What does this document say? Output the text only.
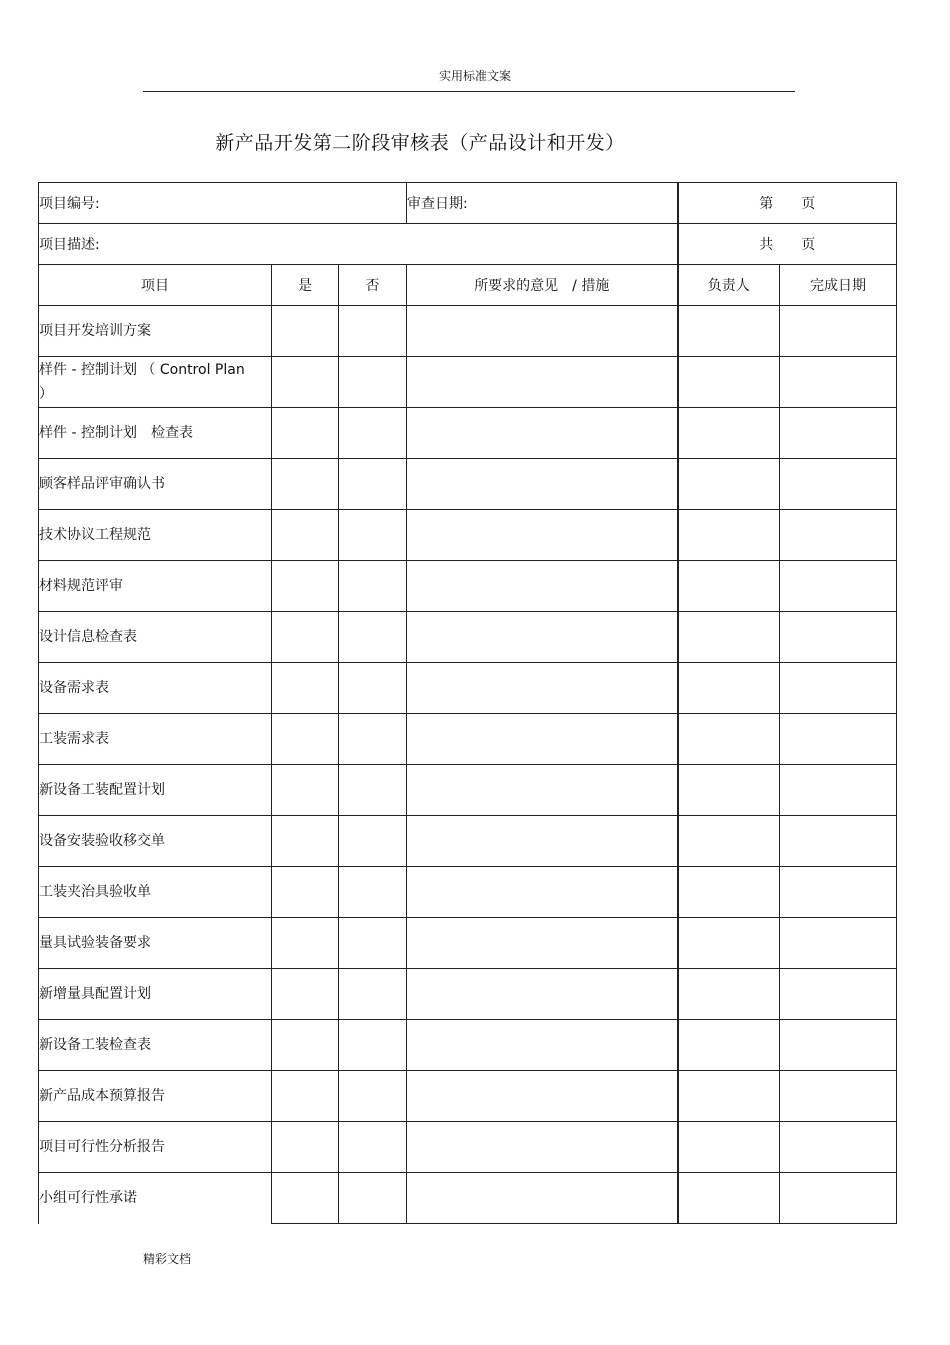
实用标准文案
新产品开发第二阶段审核表（产品设计和开发）
项目编号:			审查日期:	第　　页	
项目描述:				共　　页	
项目	是	否	所要求的意见　/ 措施	负责人	完成日期
项目开发培训方案					
样件 - 控制计划 （ Control Plan ）					
样件 - 控制计划　检查表					
顾客样品评审确认书					
技术协议工程规范					
材料规范评审					
设计信息检查表					
设备需求表					
工装需求表					
新设备工装配置计划					
设备安装验收移交单					
工装夹治具验收单					
量具试验装备要求					
新增量具配置计划					
新设备工装检查表					
新产品成本预算报告					
项目可行性分析报告					
小组可行性承诺					
精彩文档
